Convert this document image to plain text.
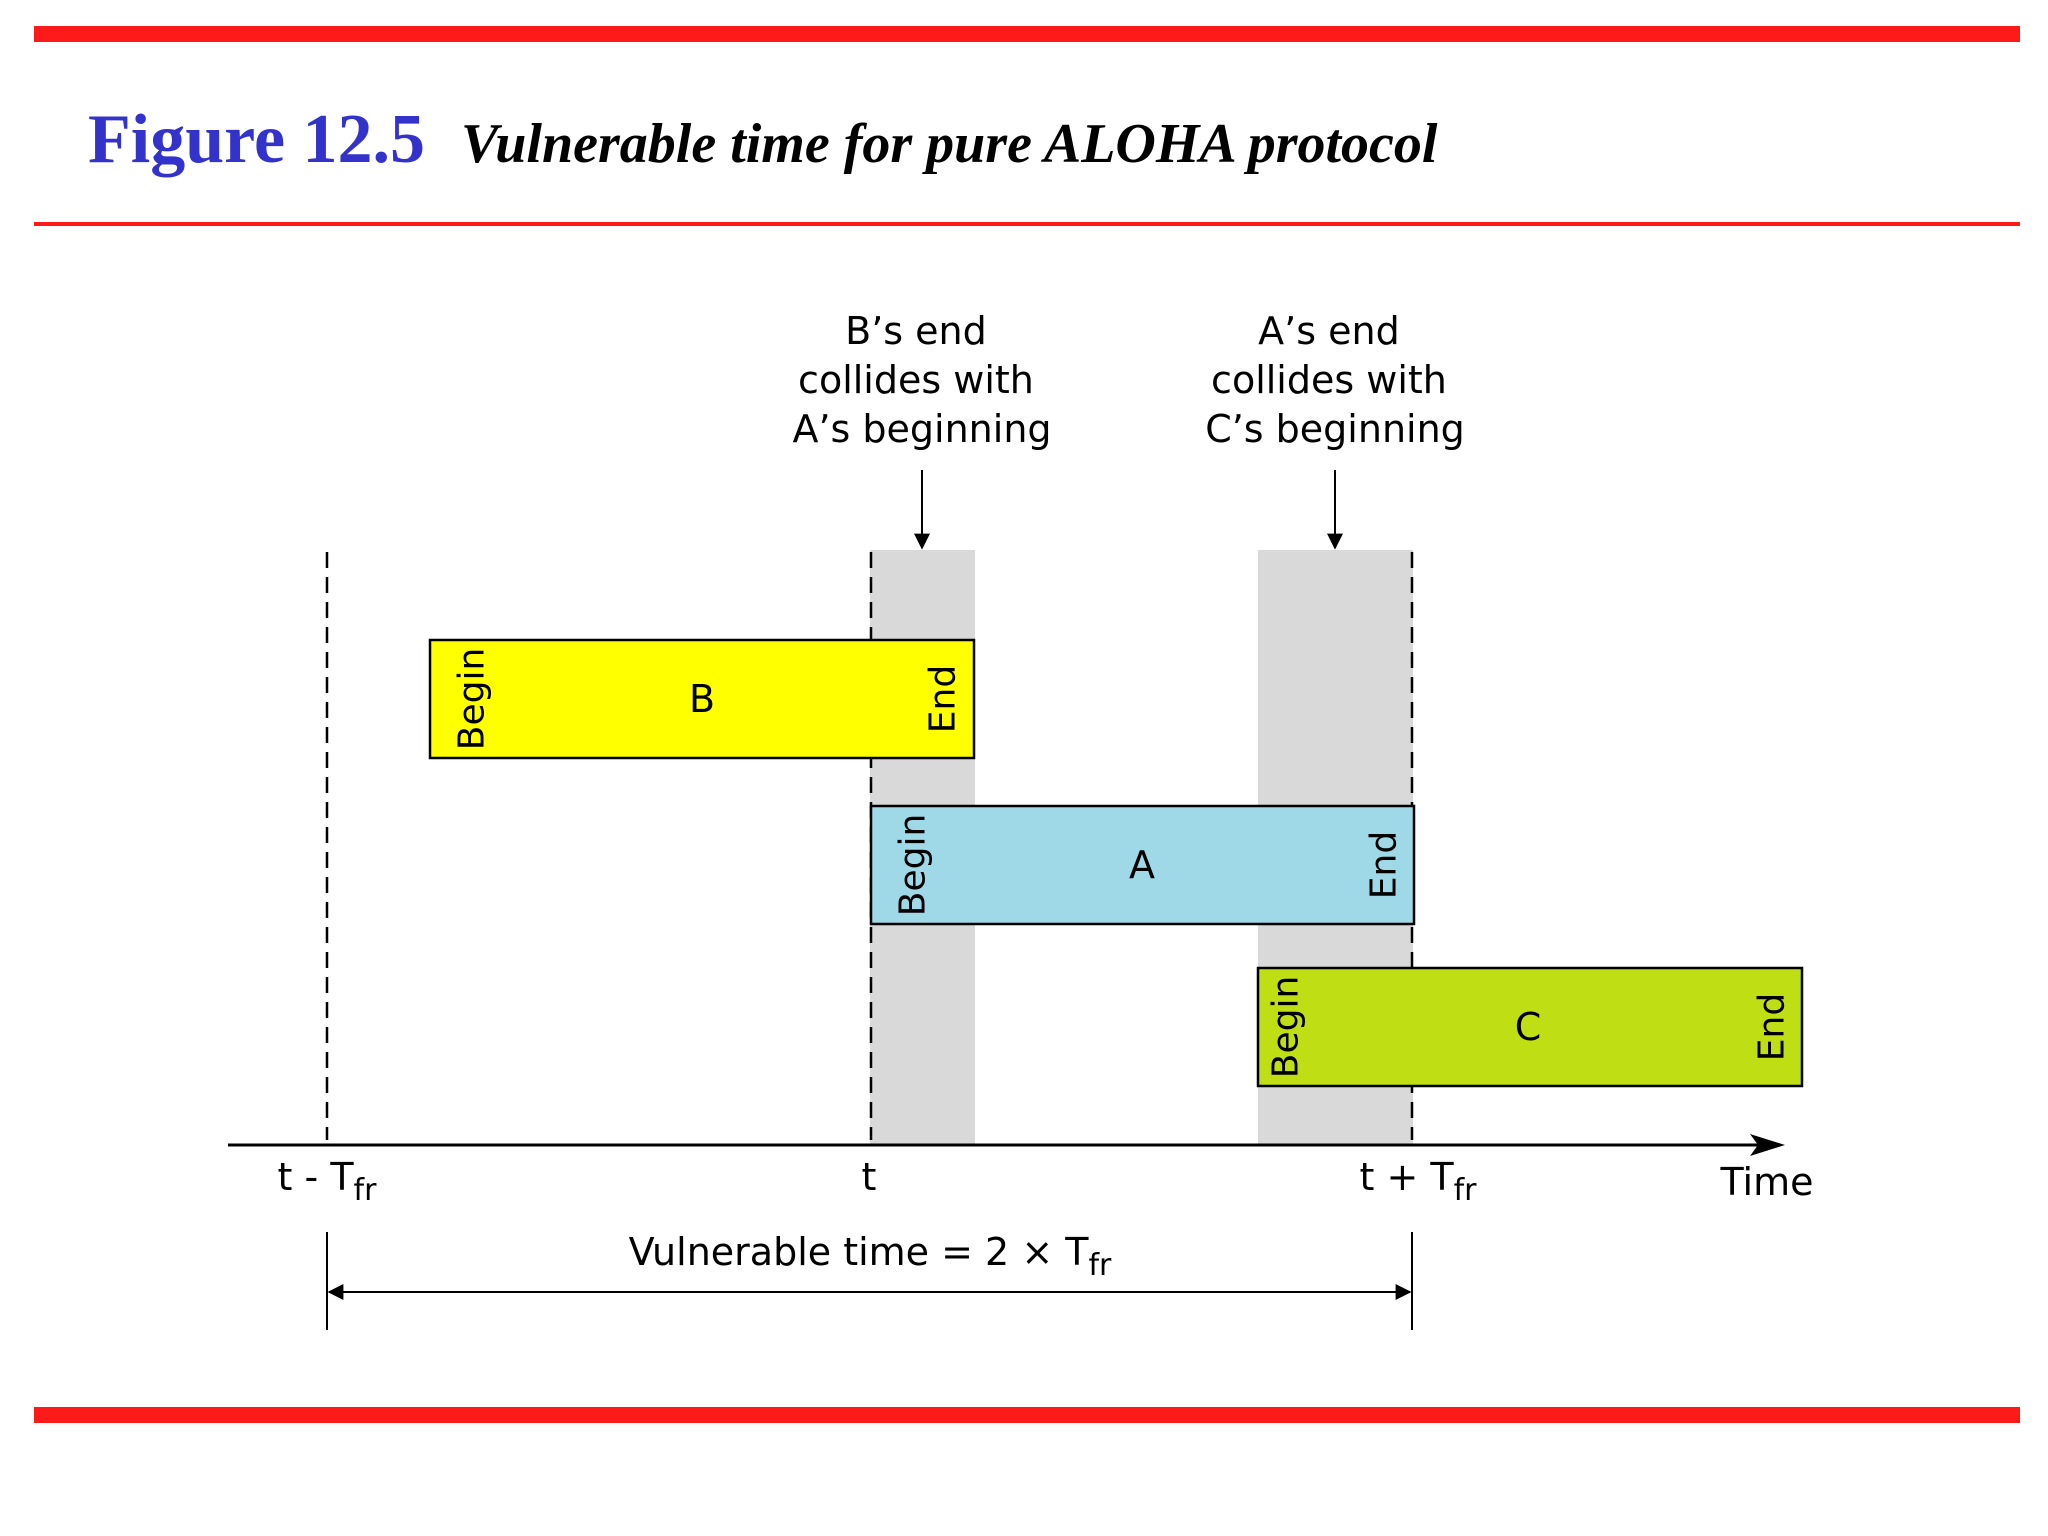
Figure 12.5 Vulnerable time for pure ALOHA protocol
B’s end collides with A’s beginning
A’s end collides with C’s beginning
Begin	B	End
Begin	A	End
Begin	C	End
Time
t - $T_{fr}$	t	$t + T_{fr}$
Vulnerable time = $2 \times T_{fr}$
